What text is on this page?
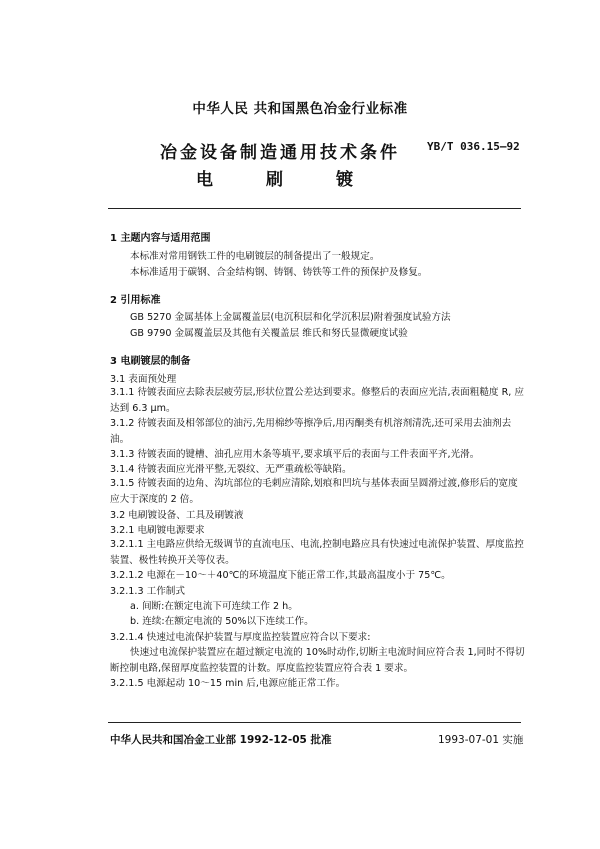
中华人民 共和国黑色冶金行业标准
冶金设备制造通用技术条件
电	刷	镀
YB/T 036.15—92
1 主题内容与适用范围
本标准对常用钢铁工件的电刷镀层的制备提出了一般规定。
本标准适用于碳钢、合金结构钢、铸钢、铸铁等工件的预保护及修复。
2 引用标准
GB 5270 金属基体上金属覆盖层(电沉积层和化学沉积层)附着强度试验方法
GB 9790 金属覆盖层及其他有关覆盖层 维氏和努氏显微硬度试验
3 电刷镀层的制备
3.1 表面预处理
3.1.1 待镀表面应去除表层疲劳层,形状位置公差达到要求。修整后的表面应光洁,表面粗糙度 R, 应达到 6.3 μm。
3.1.2 待镀表面及相邻部位的油污,先用棉纱等擦净后,用丙酮类有机溶剂清洗,还可采用去油剂去油。
3.1.3 待镀表面的键槽、油孔应用木条等填平,要求填平后的表面与工件表面平齐,光滑。
3.1.4 待镀表面应光滑平整,无裂纹、无严重疏松等缺陷。
3.1.5 待镀表面的边角、沟坑部位的毛刺应清除,划痕和凹坑与基体表面呈圆滑过渡,修形后的宽度应大于深度的 2 倍。
3.2 电刷镀设备、工具及刷镀液
3.2.1 电刷镀电源要求
3.2.1.1 主电路应供给无级调节的直流电压、电流,控制电路应具有快速过电流保护装置、厚度监控装置、极性转换开关等仪表。
3.2.1.2 电源在－10～＋40℃的环境温度下能正常工作,其最高温度小于 75℃。
3.2.1.3 工作制式
a. 间断:在额定电流下可连续工作 2 h。
b. 连续:在额定电流的 50%以下连续工作。
3.2.1.4 快速过电流保护装置与厚度监控装置应符合以下要求:
快速过电流保护装置应在超过额定电流的 10%时动作,切断主电流时间应符合表 1,同时不得切断控制电路,保留厚度监控装置的计数。厚度监控装置应符合表 1 要求。
3.2.1.5 电源起动 10～15 min 后,电源应能正常工作。
中华人民共和国冶金工业部 1992-12-05 批准	1993-07-01 实施
